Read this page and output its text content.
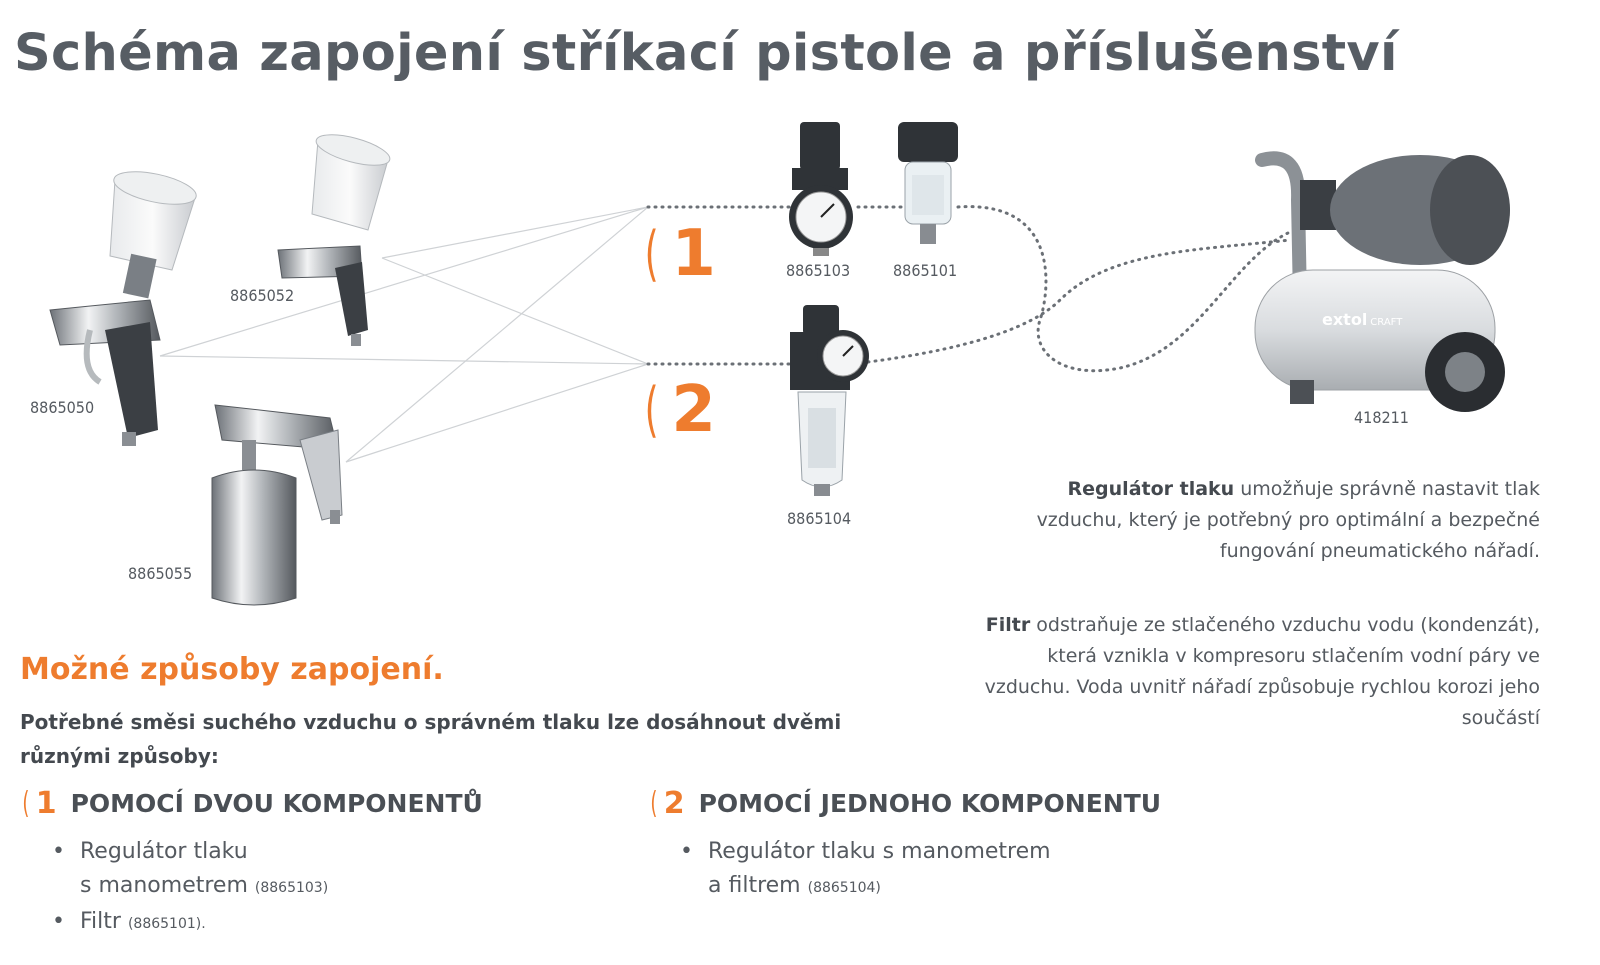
Schéma zapojení stříkací pistole a příslušenství
extol CRAFT
8865050
8865052
8865055
8865103	8865101
8865104
418211
( 1
( 2
Regulátor tlaku umožňuje správně nastavit tlak vzduchu, který je potřebný pro optimální a bezpečné fungování pneumatického nářadí.
Filtr odstraňuje ze stlačeného vzduchu vodu (kondenzát), která vznikla v kompresoru stlačením vodní páry ve vzduchu. Voda uvnitř nářadí způsobuje rychlou korozi jeho součástí
Možné způsoby zapojení.
Potřebné směsi suchého vzduchu o správném tlaku lze dosáhnout dvěmi různými způsoby:
( 1 POMOCÍ DVOU KOMPONENTŮ
• Regulátor tlaku
s manometrem (8865103)
• Filtr (8865101).
( 2 POMOCÍ JEDNOHO KOMPONENTU
• Regulátor tlaku s manometrem
a filtrem (8865104)
